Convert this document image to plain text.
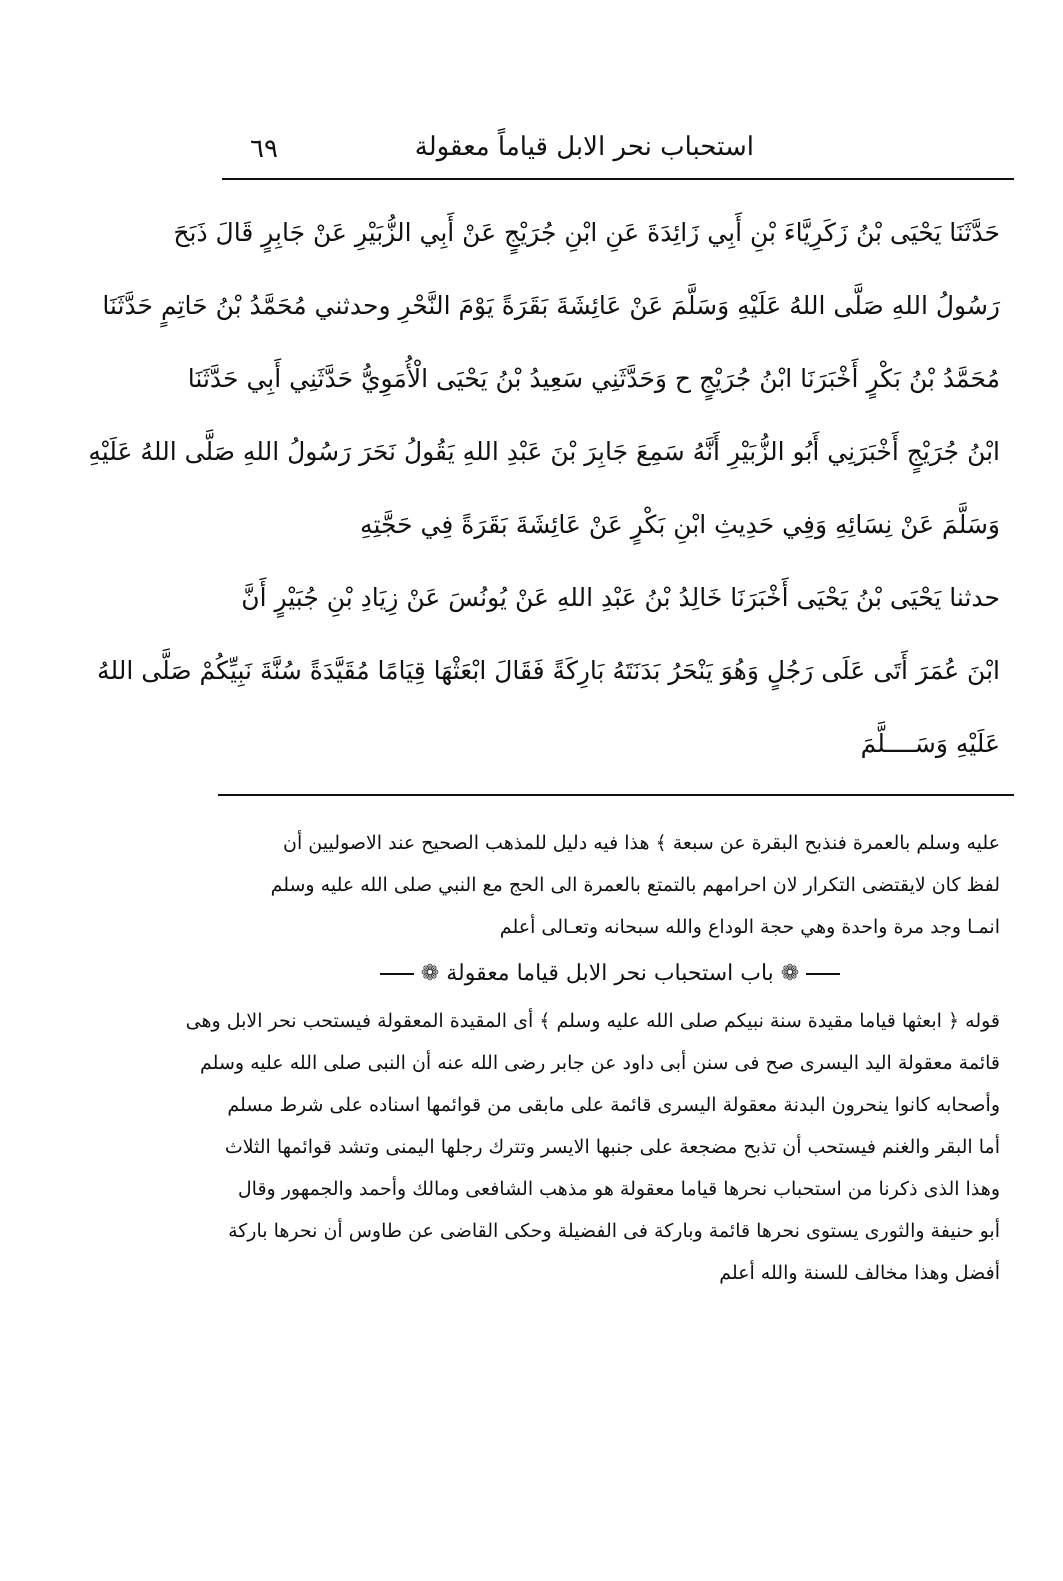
استحباب نحر الابل قياماً معقولة
٦٩
حَدَّثَنَا يَحْيَى بْنُ زَكَرِيَّاءَ بْنِ أَبِي زَائِدَةَ عَنِ ابْنِ جُرَيْجٍ عَنْ أَبِي الزُّبَيْرِ عَنْ جَابِرٍ قَالَ ذَبَحَ
رَسُولُ اللهِ صَلَّى اللهُ عَلَيْهِ وَسَلَّمَ عَنْ عَائِشَةَ بَقَرَةً يَوْمَ النَّحْرِ وحدثني مُحَمَّدُ بْنُ حَاتِمٍ حَدَّثَنَا
مُحَمَّدُ بْنُ بَكْرٍ أَخْبَرَنَا ابْنُ جُرَيْجٍ ح وَحَدَّثَنِي سَعِيدُ بْنُ يَحْيَى الْأُمَوِيُّ حَدَّثَنِي أَبِي حَدَّثَنَا
ابْنُ جُرَيْجٍ أَخْبَرَنِي أَبُو الزُّبَيْرِ أَنَّهُ سَمِعَ جَابِرَ بْنَ عَبْدِ اللهِ يَقُولُ نَحَرَ رَسُولُ اللهِ صَلَّى اللهُ عَلَيْهِ
وَسَلَّمَ عَنْ نِسَائِهِ وَفِي حَدِيثِ ابْنِ بَكْرٍ عَنْ عَائِشَةَ بَقَرَةً فِي حَجَّتِهِ
حدثنا يَحْيَى بْنُ يَحْيَى أَخْبَرَنَا خَالِدُ بْنُ عَبْدِ اللهِ عَنْ يُونُسَ عَنْ زِيَادِ بْنِ جُبَيْرٍ أَنَّ
ابْنَ عُمَرَ أَتَى عَلَى رَجُلٍ وَهُوَ يَنْحَرُ بَدَنَتَهُ بَارِكَةً فَقَالَ ابْعَثْهَا قِيَامًا مُقَيَّدَةً سُنَّةَ نَبِيِّكُمْ صَلَّى اللهُ
عَلَيْهِ وَسَــــلَّمَ
عليه وسلم بالعمرة فنذبح البقرة عن سبعة ﴾ هذا فيه دليل للمذهب الصحيح عند الاصوليين أن
لفظ كان لايقتضى التكرار لان احرامهم بالتمتع بالعمرة الى الحج مع النبي صلى الله عليه وسلم
انمـا وجد مرة واحدة وهي حجة الوداع والله سبحانه وتعـالى أعلم
❁ باب استحباب نحر الابل قياما معقولة ❁
قوله ﴿ ابعثها قياما مقيدة سنة نبيكم صلى الله عليه وسلم ﴾ أى المقيدة المعقولة فيستحب نحر الابل وهى
قائمة معقولة اليد اليسرى صح فى سنن أبى داود عن جابر رضى الله عنه أن النبى صلى الله عليه وسلم
وأصحابه كانوا ينحرون البدنة معقولة اليسرى قائمة على مابقى من قوائمها اسناده على شرط مسلم
أما البقر والغنم فيستحب أن تذبح مضجعة على جنبها الايسر وتترك رجلها اليمنى وتشد قوائمها الثلاث
وهذا الذى ذكرنا من استحباب نحرها قياما معقولة هو مذهب الشافعى ومالك وأحمد والجمهور وقال
أبو حنيفة والثورى يستوى نحرها قائمة وباركة فى الفضيلة وحكى القاضى عن طاوس أن نحرها باركة
أفضل وهذا مخالف للسنة والله أعلم
